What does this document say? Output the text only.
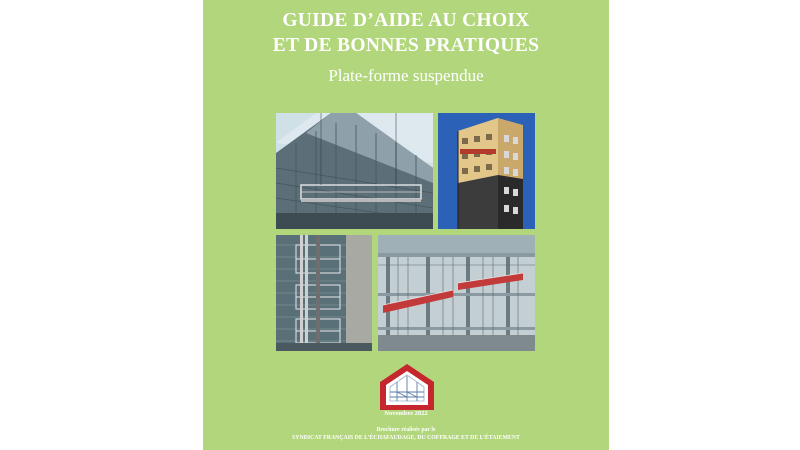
GUIDE D’AIDE AU CHOIX
ET DE BONNES PRATIQUES
Plate-forme suspendue
Novembre 2022
Brochure réalisée par le
SYNDICAT FRANÇAIS DE L’ÉCHAFAUDAGE, DU COFFRAGE ET DE L’ÉTAIEMENT
